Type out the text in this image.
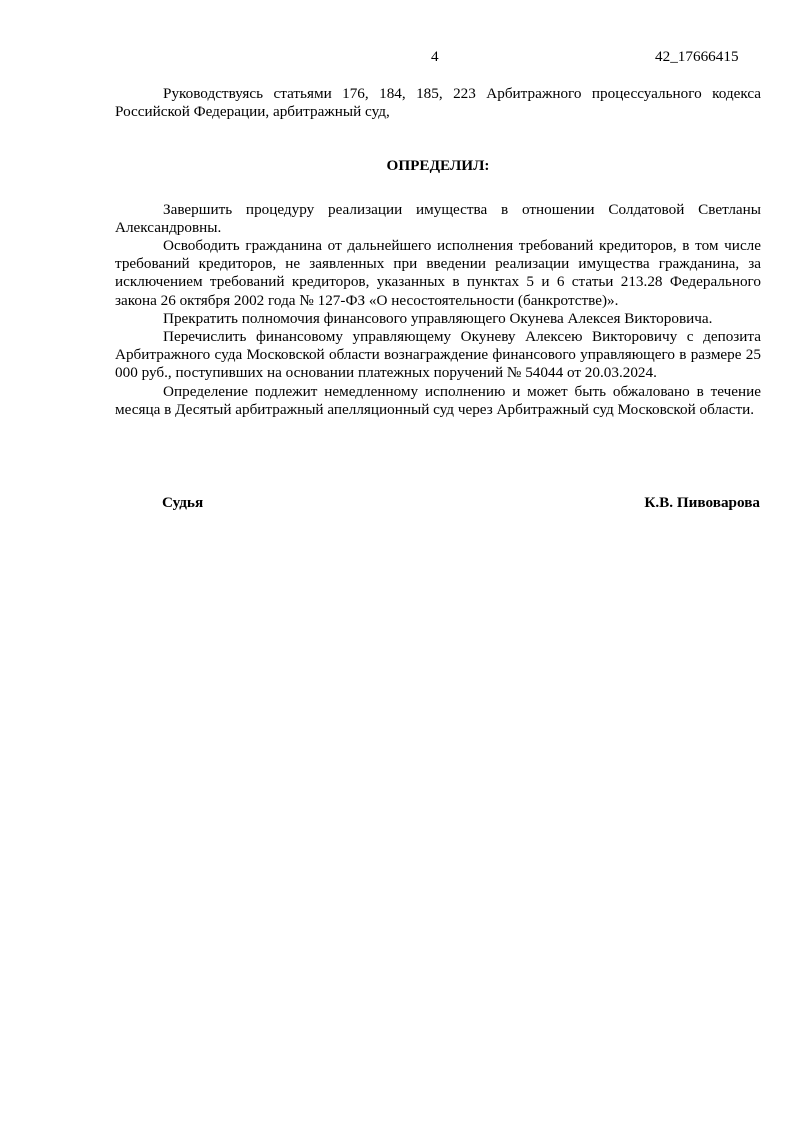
4	42_17666415

Руководствуясь статьями 176, 184, 185, 223 Арбитражного процессуального кодекса Российской Федерации, арбитражный суд,

ОПРЕДЕЛИЛ:

Завершить процедуру реализации имущества в отношении Солдатовой Светланы Александровны.

Освободить гражданина от дальнейшего исполнения требований кредиторов, в том числе требований кредиторов, не заявленных при введении реализации имущества гражданина, за исключением требований кредиторов, указанных в пунктах 5 и 6 статьи 213.28 Федерального закона 26 октября 2002 года № 127-ФЗ «О несостоятельности (банкротстве)».

Прекратить полномочия финансового управляющего Окунева Алексея Викторовича.

Перечислить финансовому управляющему Окуневу Алексею Викторовичу с депозита Арбитражного суда Московской области вознаграждение финансового управляющего в размере 25 000 руб., поступивших на основании платежных поручений № 54044 от 20.03.2024.

Определение подлежит немедленному исполнению и может быть обжаловано в течение месяца в Десятый арбитражный апелляционный суд через Арбитражный суд Московской области.

Судья	К.В. Пивоварова
